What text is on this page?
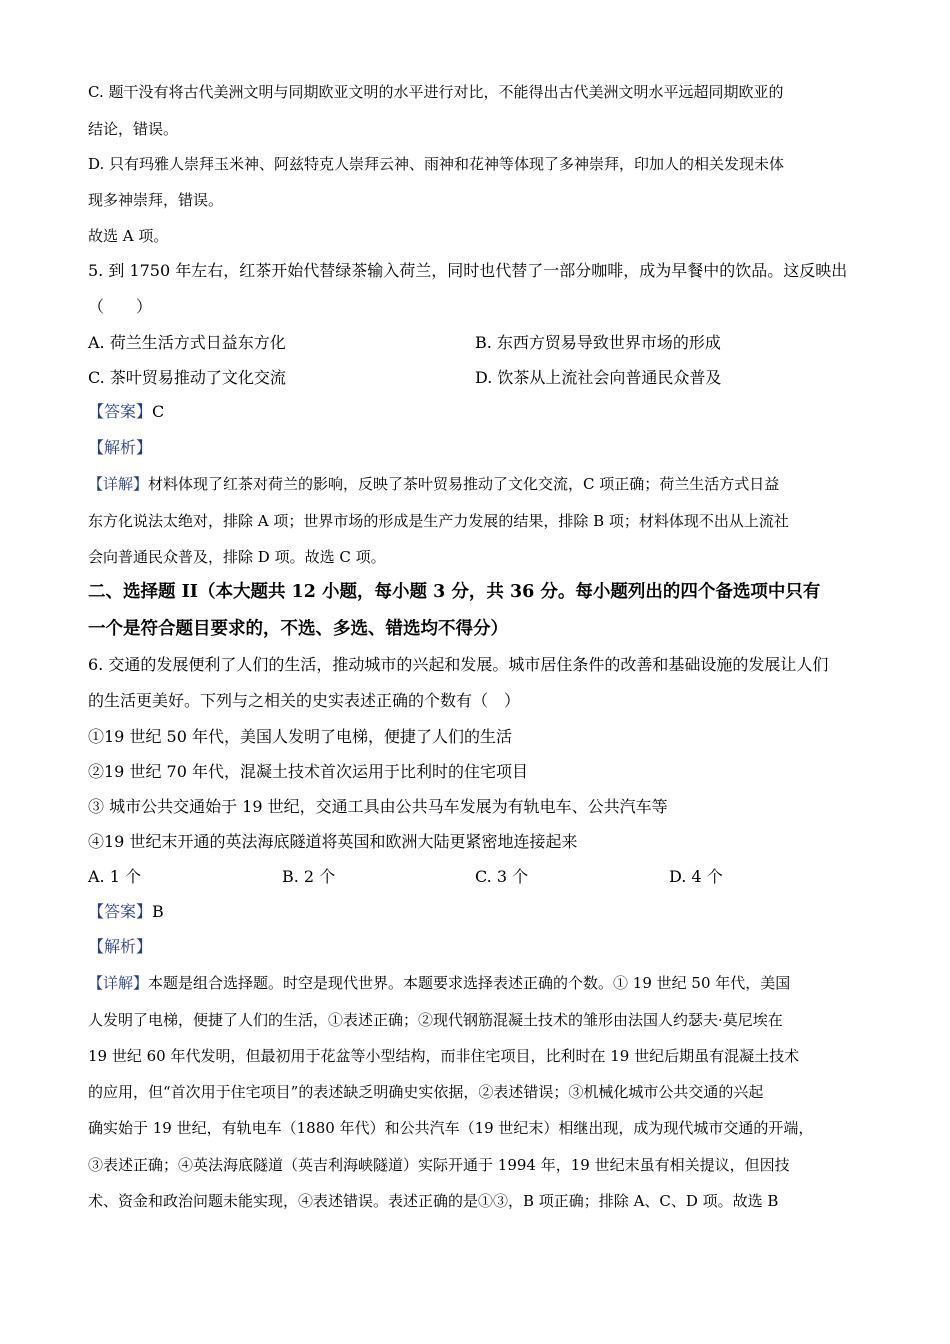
C. 题干没有将古代美洲文明与同期欧亚文明的水平进行对比，不能得出古代美洲文明水平远超同期欧亚的
结论，错误。
D. 只有玛雅人崇拜玉米神、阿兹特克人崇拜云神、雨神和花神等体现了多神崇拜，印加人的相关发现未体
现多神崇拜，错误。
故选 A 项。
5. 到 1750 年左右，红茶开始代替绿茶输入荷兰，同时也代替了一部分咖啡，成为早餐中的饮品。这反映出
（　　）
A. 荷兰生活方式日益东方化	B. 东西方贸易导致世界市场的形成
C. 茶叶贸易推动了文化交流	D. 饮茶从上流社会向普通民众普及
【答案】C
【解析】
【详解】材料体现了红茶对荷兰的影响，反映了茶叶贸易推动了文化交流，C 项正确；荷兰生活方式日益
东方化说法太绝对，排除 A 项；世界市场的形成是生产力发展的结果，排除 B 项；材料体现不出从上流社
会向普通民众普及，排除 D 项。故选 C 项。
二、选择题 II（本大题共 12 小题，每小题 3 分，共 36 分。每小题列出的四个备选项中只有
一个是符合题目要求的，不选、多选、错选均不得分）
6. 交通的发展便利了人们的生活，推动城市的兴起和发展。城市居住条件的改善和基础设施的发展让人们
的生活更美好。下列与之相关的史实表述正确的个数有（　）
①19 世纪 50 年代，美国人发明了电梯，便捷了人们的生活
②19 世纪 70 年代，混凝土技术首次运用于比利时的住宅项目
③ 城市公共交通始于 19 世纪，交通工具由公共马车发展为有轨电车、公共汽车等
④19 世纪末开通的英法海底隧道将英国和欧洲大陆更紧密地连接起来
A. 1 个	B. 2 个	C. 3 个	D. 4 个
【答案】B
【解析】
【详解】本题是组合选择题。时空是现代世界。本题要求选择表述正确的个数。① 19 世纪 50 年代，美国
人发明了电梯，便捷了人们的生活，①表述正确；②现代钢筋混凝土技术的雏形由法国人约瑟夫·莫尼埃在
19 世纪 60 年代发明，但最初用于花盆等小型结构，而非住宅项目，比利时在 19 世纪后期虽有混凝土技术
的应用，但“首次用于住宅项目”的表述缺乏明确史实依据，②表述错误；③机械化城市公共交通的兴起
确实始于 19 世纪，有轨电车（1880 年代）和公共汽车（19 世纪末）相继出现，成为现代城市交通的开端，
③表述正确；④英法海底隧道（英吉利海峡隧道）实际开通于 1994 年，19 世纪末虽有相关提议，但因技
术、资金和政治问题未能实现，④表述错误。表述正确的是①③，B 项正确；排除 A、C、D 项。故选 B
